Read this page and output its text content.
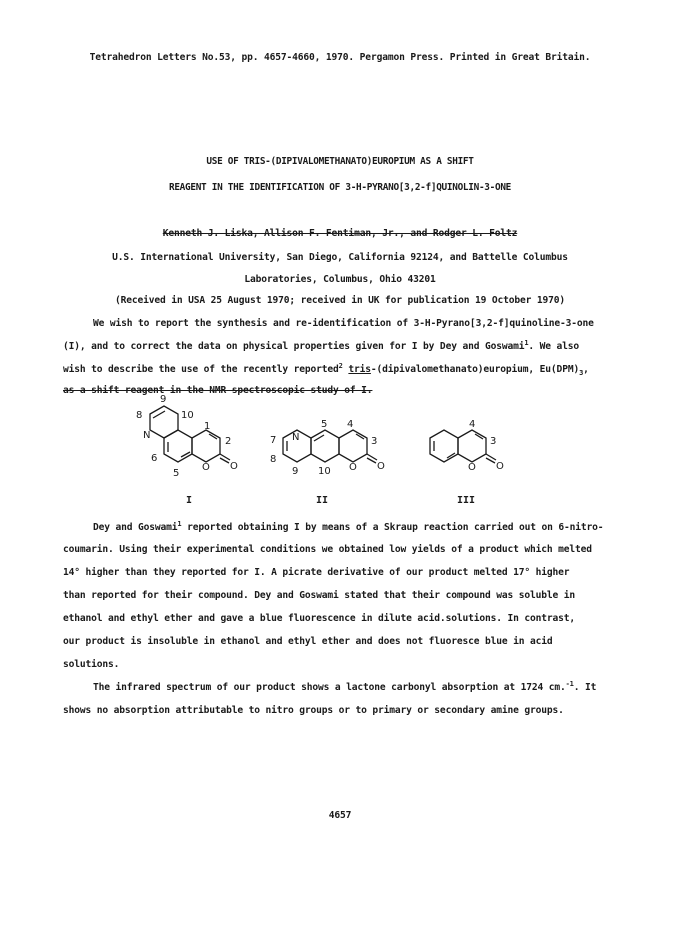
Tetrahedron Letters No.53, pp. 4657-4660, 1970. Pergamon Press. Printed in Great Britain.
USE OF TRIS-(DIPIVALOMETHANATO)EUROPIUM AS A SHIFT
REAGENT IN THE IDENTIFICATION OF 3-H-PYRANO[3,2-f]QUINOLIN-3-ONE
Kenneth J. Liska, Allison F. Fentiman, Jr., and Rodger L. Foltz
U.S. International University, San Diego, California 92124, and Battelle Columbus
Laboratories, Columbus, Ohio 43201
(Received in USA 25 August 1970; received in UK for publication 19 October 1970)
We wish to report the synthesis and re-identification of 3-H-Pyrano[3,2-f]quinoline-3-one
(I), and to correct the data on physical properties given for I by Dey and Goswami$^1$. We also
wish to describe the use of the recently reported$^2$ tris-(dipivalomethanato)europium, $Eu(DPM)_3$,
as a shift reagent in the NMR spectroscopic study of I.
8
9
10
1
2
6
5
N
O O
I
7
5 4
3
8
9 10
N
O O
II
4
3
O O
III
Dey and Goswami$^1$ reported obtaining I by means of a Skraup reaction carried out on 6-nitro-
coumarin. Using their experimental conditions we obtained low yields of a product which melted
14° higher than they reported for I. A picrate derivative of our product melted 17° higher
than reported for their compound. Dey and Goswami stated that their compound was soluble in
ethanol and ethyl ether and gave a blue fluorescence in dilute acid.solutions. In contrast,
our product is insoluble in ethanol and ethyl ether and does not fluoresce blue in acid
solutions.
The infrared spectrum of our product shows a lactone carbonyl absorption at 1724 cm.$^{-1}$. It
shows no absorption attributable to nitro groups or to primary or secondary amine groups.
4657
